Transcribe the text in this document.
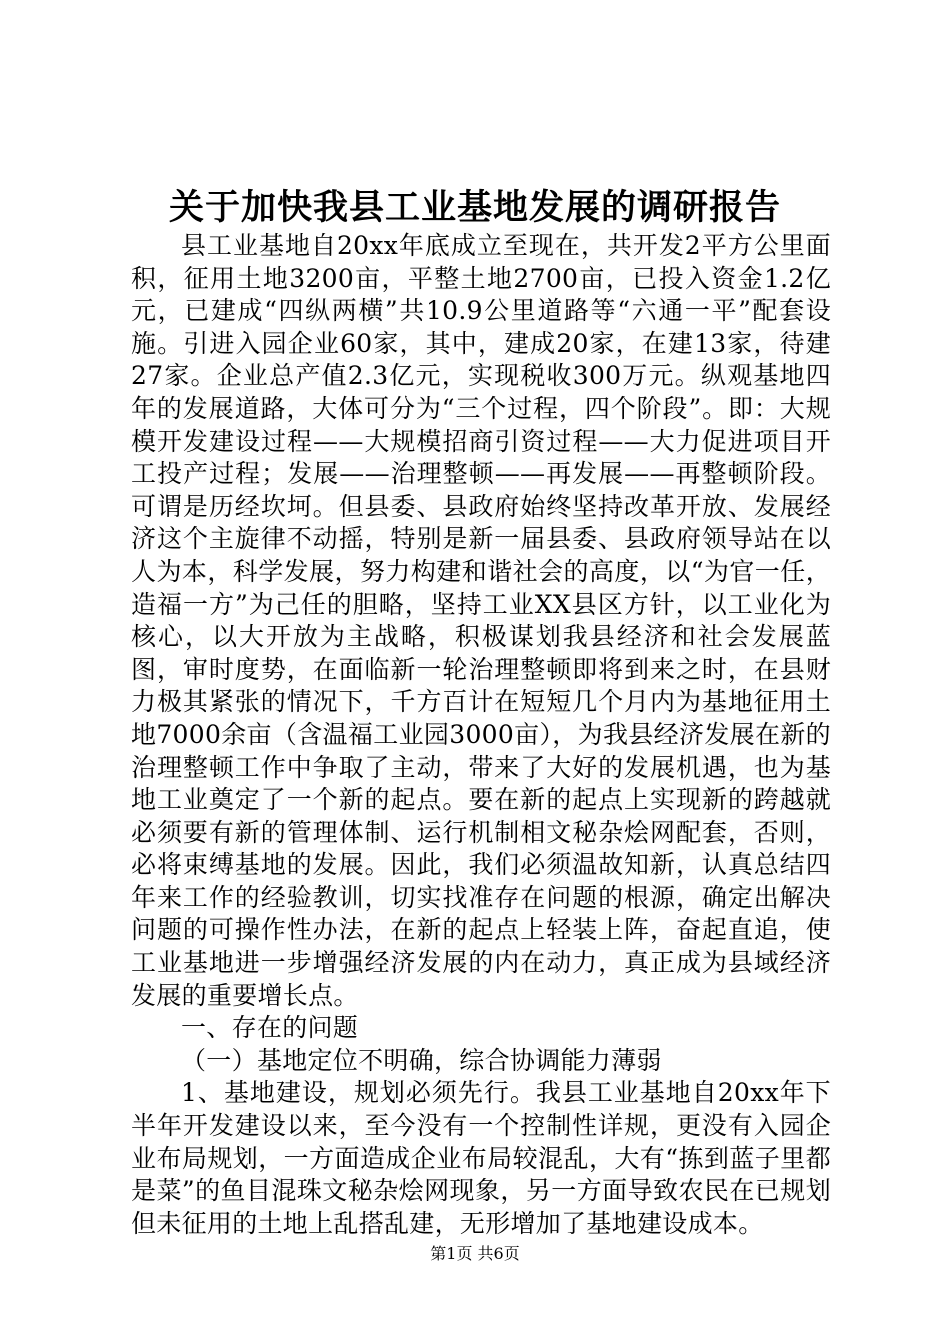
关于加快我县工业基地发展的调研报告

县工业基地自20xx年底成立至现在，共开发2平方公里面积，征用土地3200亩，平整土地2700亩，已投入资金1.2亿元，已建成“四纵两横”共10.9公里道路等“六通一平”配套设施。引进入园企业60家，其中，建成20家，在建13家，待建27家。企业总产值2.3亿元，实现税收300万元。纵观基地四年的发展道路，大体可分为“三个过程，四个阶段”。即：大规模开发建设过程——大规模招商引资过程——大力促进项目开工投产过程；发展——治理整顿——再发展——再整顿阶段。可谓是历经坎坷。但县委、县政府始终坚持改革开放、发展经济这个主旋律不动摇，特别是新一届县委、县政府领导站在以人为本，科学发展，努力构建和谐社会的高度，以“为官一任，造福一方”为己任的胆略，坚持工业XX县区方针，以工业化为核心，以大开放为主战略，积极谋划我县经济和社会发展蓝图，审时度势，在面临新一轮治理整顿即将到来之时，在县财力极其紧张的情况下，千方百计在短短几个月内为基地征用土地7000余亩（含温福工业园3000亩），为我县经济发展在新的治理整顿工作中争取了主动，带来了大好的发展机遇，也为基地工业奠定了一个新的起点。要在新的起点上实现新的跨越就必须要有新的管理体制、运行机制相文秘杂烩网配套，否则，必将束缚基地的发展。因此，我们必须温故知新，认真总结四年来工作的经验教训，切实找准存在问题的根源，确定出解决问题的可操作性办法，在新的起点上轻装上阵，奋起直追，使工业基地进一步增强经济发展的内在动力，真正成为县域经济发展的重要增长点。

一、存在的问题

（一）基地定位不明确，综合协调能力薄弱

1、基地建设，规划必须先行。我县工业基地自20xx年下半年开发建设以来，至今没有一个控制性详规，更没有入园企业布局规划，一方面造成企业布局较混乱，大有“拣到蓝子里都是菜”的鱼目混珠文秘杂烩网现象，另一方面导致农民在已规划但未征用的土地上乱搭乱建，无形增加了基地建设成本。

第1页 共6页
